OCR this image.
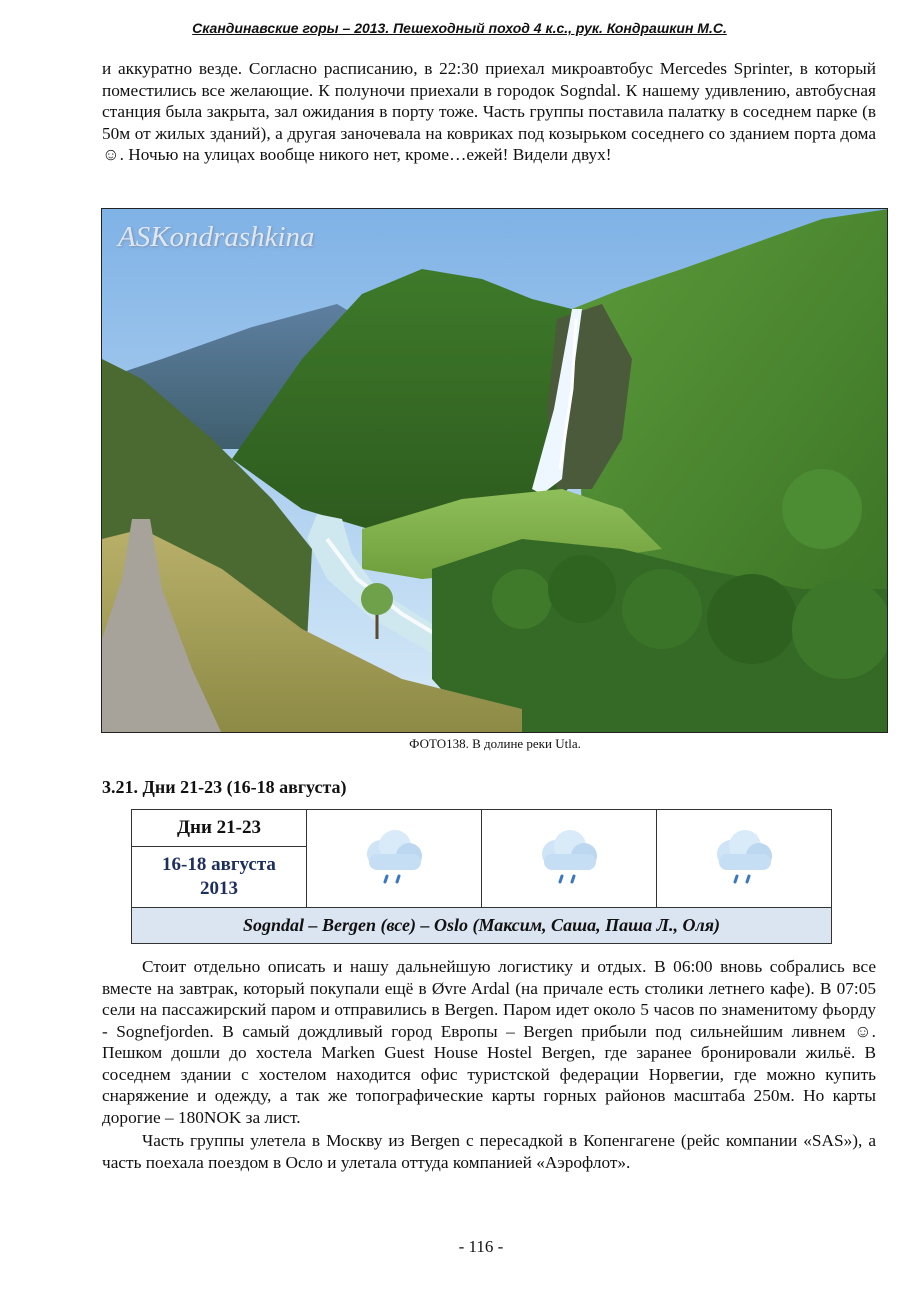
Скандинавские горы – 2013. Пешеходный поход 4 к.с., рук. Кондрашкин М.С.

и аккуратно везде. Согласно расписанию, в 22:30 приехал микроавтобус Mercedes Sprinter, в который поместились все желающие. К полуночи приехали в городок Sogndal. К нашему удивлению, автобусная станция была закрыта, зал ожидания в порту тоже. Часть группы поставила палатку в соседнем парке (в 50м от жилых зданий), а другая заночевала на ковриках под козырьком соседнего со зданием порта дома ☺. Ночью на улицах вообще никого нет, кроме…ежей! Видели двух!

ASKondrashkina
ФОТО138. В долине реки Utla.
3.21. Дни 21-23 (16-18 августа)
Дни 21-23			

16-18 августа
2013

Sogndal – Bergen (все) – Oslo (Максим, Саша, Паша Л., Оля)

Стоит отдельно описать и нашу дальнейшую логистику и отдых. В 06:00 вновь собрались все вместе на завтрак, который покупали ещё в Øvre Ardal (на причале есть столики летнего кафе). В 07:05 сели на пассажирский паром и отправились в Bergen. Паром идет около 5 часов по знаменитому фьорду - Sognefjorden. В самый дождливый город Европы – Bergen прибыли под сильнейшим ливнем ☺. Пешком дошли до хостела Marken Guest House Hostel Bergen, где заранее бронировали жильё. В соседнем здании с хостелом находится офис туристской федерации Норвегии, где можно купить снаряжение и одежду, а так же топографические карты горных районов масштаба 250м. Но карты дорогие – 180NOK за лист.

Часть группы улетела в Москву из Bergen с пересадкой в Копенгагене (рейс компании «SAS»), а часть поехала поездом в Осло и улетала оттуда компанией «Аэрофлот».

- 116 -
